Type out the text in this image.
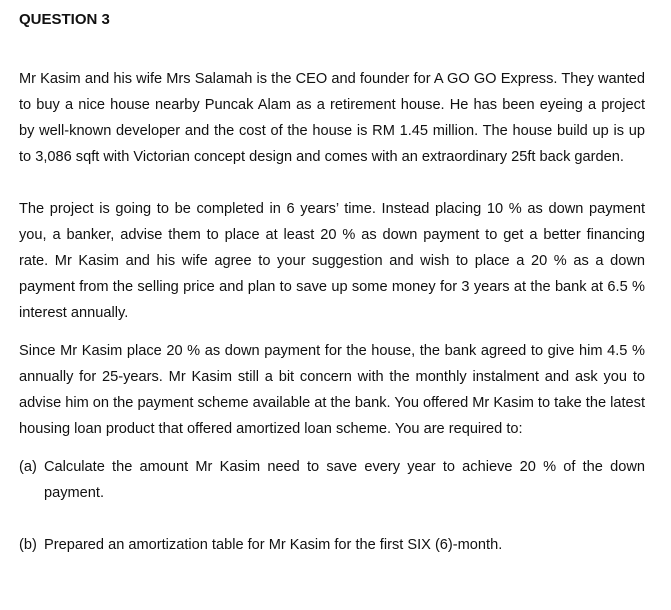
QUESTION 3

Mr Kasim and his wife Mrs Salamah is the CEO and founder for A GO GO Express. They wanted to buy a nice house nearby Puncak Alam as a retirement house. He has been eyeing a project by well-known developer and the cost of the house is RM 1.45 million. The house build up is up to 3,086 sqft with Victorian concept design and comes with an extraordinary 25ft back garden.

The project is going to be completed in 6 years’ time. Instead placing 10 % as down payment you, a banker, advise them to place at least 20 % as down payment to get a better financing rate. Mr Kasim and his wife agree to your suggestion and wish to place a 20 % as a down payment from the selling price and plan to save up some money for 3 years at the bank at 6.5 % interest annually.

Since Mr Kasim place 20 % as down payment for the house, the bank agreed to give him 4.5 % annually for 25-years. Mr Kasim still a bit concern with the monthly instalment and ask you to advise him on the payment scheme available at the bank. You offered Mr Kasim to take the latest housing loan product that offered amortized loan scheme. You are required to:

(a) Calculate the amount Mr Kasim need to save every year to achieve 20 % of the down payment.
(b) Prepared an amortization table for Mr Kasim for the first SIX (6)-month.
